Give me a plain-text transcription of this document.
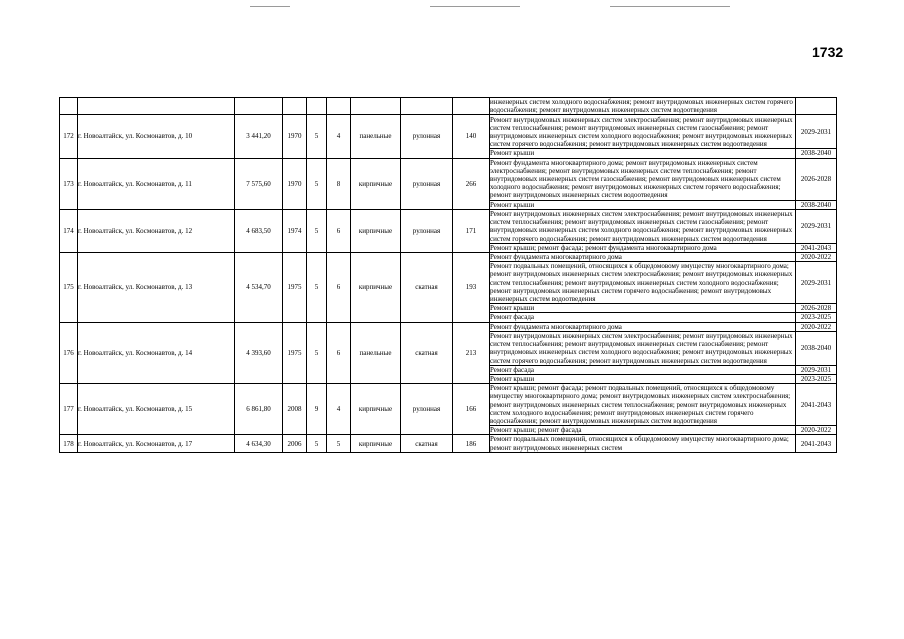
1732
									инженерных систем холодного водоснабжения; ремонт внутридомовых инженерных систем горячего водоснабжения; ремонт внутридомовых инженерных систем водоотведения	
172	г. Новоалтайск, ул. Космонавтов, д. 10	3 441,20	1970	5	4	панельные	рулонная	140	Ремонт внутридомовых инженерных систем электроснабжения; ремонт внутридомовых инженерных систем теплоснабжения; ремонт внутридомовых инженерных систем газоснабжения; ремонт внутридомовых инженерных систем холодного водоснабжения; ремонт внутридомовых инженерных систем горячего водоснабжения; ремонт внутридомовых инженерных систем водоотведения	2029-2031
									Ремонт крыши	2038-2040
173	г. Новоалтайск, ул. Космонавтов, д. 11	7 575,60	1970	5	8	кирпичные	рулонная	266	Ремонт фундамента многоквартирного дома; ремонт внутридомовых инженерных систем электроснабжения; ремонт внутридомовых инженерных систем теплоснабжения; ремонт внутридомовых инженерных систем газоснабжения; ремонт внутридомовых инженерных систем холодного водоснабжения; ремонт внутридомовых инженерных систем горячего водоснабжения; ремонт внутридомовых инженерных систем водоотведения	2026-2028
									Ремонт крыши	2038-2040
174	г. Новоалтайск, ул. Космонавтов, д. 12	4 683,50	1974	5	6	кирпичные	рулонная	171	Ремонт внутридомовых инженерных систем электроснабжения; ремонт внутридомовых инженерных систем теплоснабжения; ремонт внутридомовых инженерных систем газоснабжения; ремонт внутридомовых инженерных систем холодного водоснабжения; ремонт внутридомовых инженерных систем горячего водоснабжения; ремонт внутридомовых инженерных систем водоотведения	2029-2031
									Ремонт крыши; ремонт фасада; ремонт фундамента многоквартирного дома	2041-2043
175	г. Новоалтайск, ул. Космонавтов, д. 13	4 534,70	1975	5	6	кирпичные	скатная	193	Ремонт фундамента многоквартирного дома	2020-2022
									Ремонт подвальных помещений, относящихся к общедомовому имуществу многоквартирного дома; ремонт внутридомовых инженерных систем электроснабжения; ремонт внутридомовых инженерных систем теплоснабжения; ремонт внутридомовых инженерных систем холодного водоснабжения; ремонт внутридомовых инженерных систем горячего водоснабжения; ремонт внутридомовых инженерных систем водоотведения	2029-2031
									Ремонт крыши	2026-2028
									Ремонт фасада	2023-2025
176	г. Новоалтайск, ул. Космонавтов, д. 14	4 393,60	1975	5	6	панельные	скатная	213	Ремонт фундамента многоквартирного дома	2020-2022
									Ремонт внутридомовых инженерных систем электроснабжения; ремонт внутридомовых инженерных систем теплоснабжения; ремонт внутридомовых инженерных систем газоснабжения; ремонт внутридомовых инженерных систем холодного водоснабжения; ремонт внутридомовых инженерных систем горячего водоснабжения; ремонт внутридомовых инженерных систем водоотведения	2038-2040
									Ремонт фасада	2029-2031
									Ремонт крыши	2023-2025
177	г. Новоалтайск, ул. Космонавтов, д. 15	6 861,80	2008	9	4	кирпичные	рулонная	166	Ремонт крыши; ремонт фасада; ремонт подвальных помещений, относящихся к общедомовому имуществу многоквартирного дома; ремонт внутридомовых инженерных систем электроснабжения; ремонт внутридомовых инженерных систем теплоснабжения; ремонт внутридомовых инженерных систем холодного водоснабжения; ремонт внутридомовых инженерных систем горячего водоснабжения; ремонт внутридомовых инженерных систем водоотведения	2041-2043
									Ремонт крыши; ремонт фасада	2020-2022
178	г. Новоалтайск, ул. Космонавтов, д. 17	4 634,30	2006	5	5	кирпичные	скатная	186	Ремонт подвальных помещений, относящихся к общедомовому имуществу многоквартирного дома; ремонт внутридомовых инженерных систем	2041-2043
